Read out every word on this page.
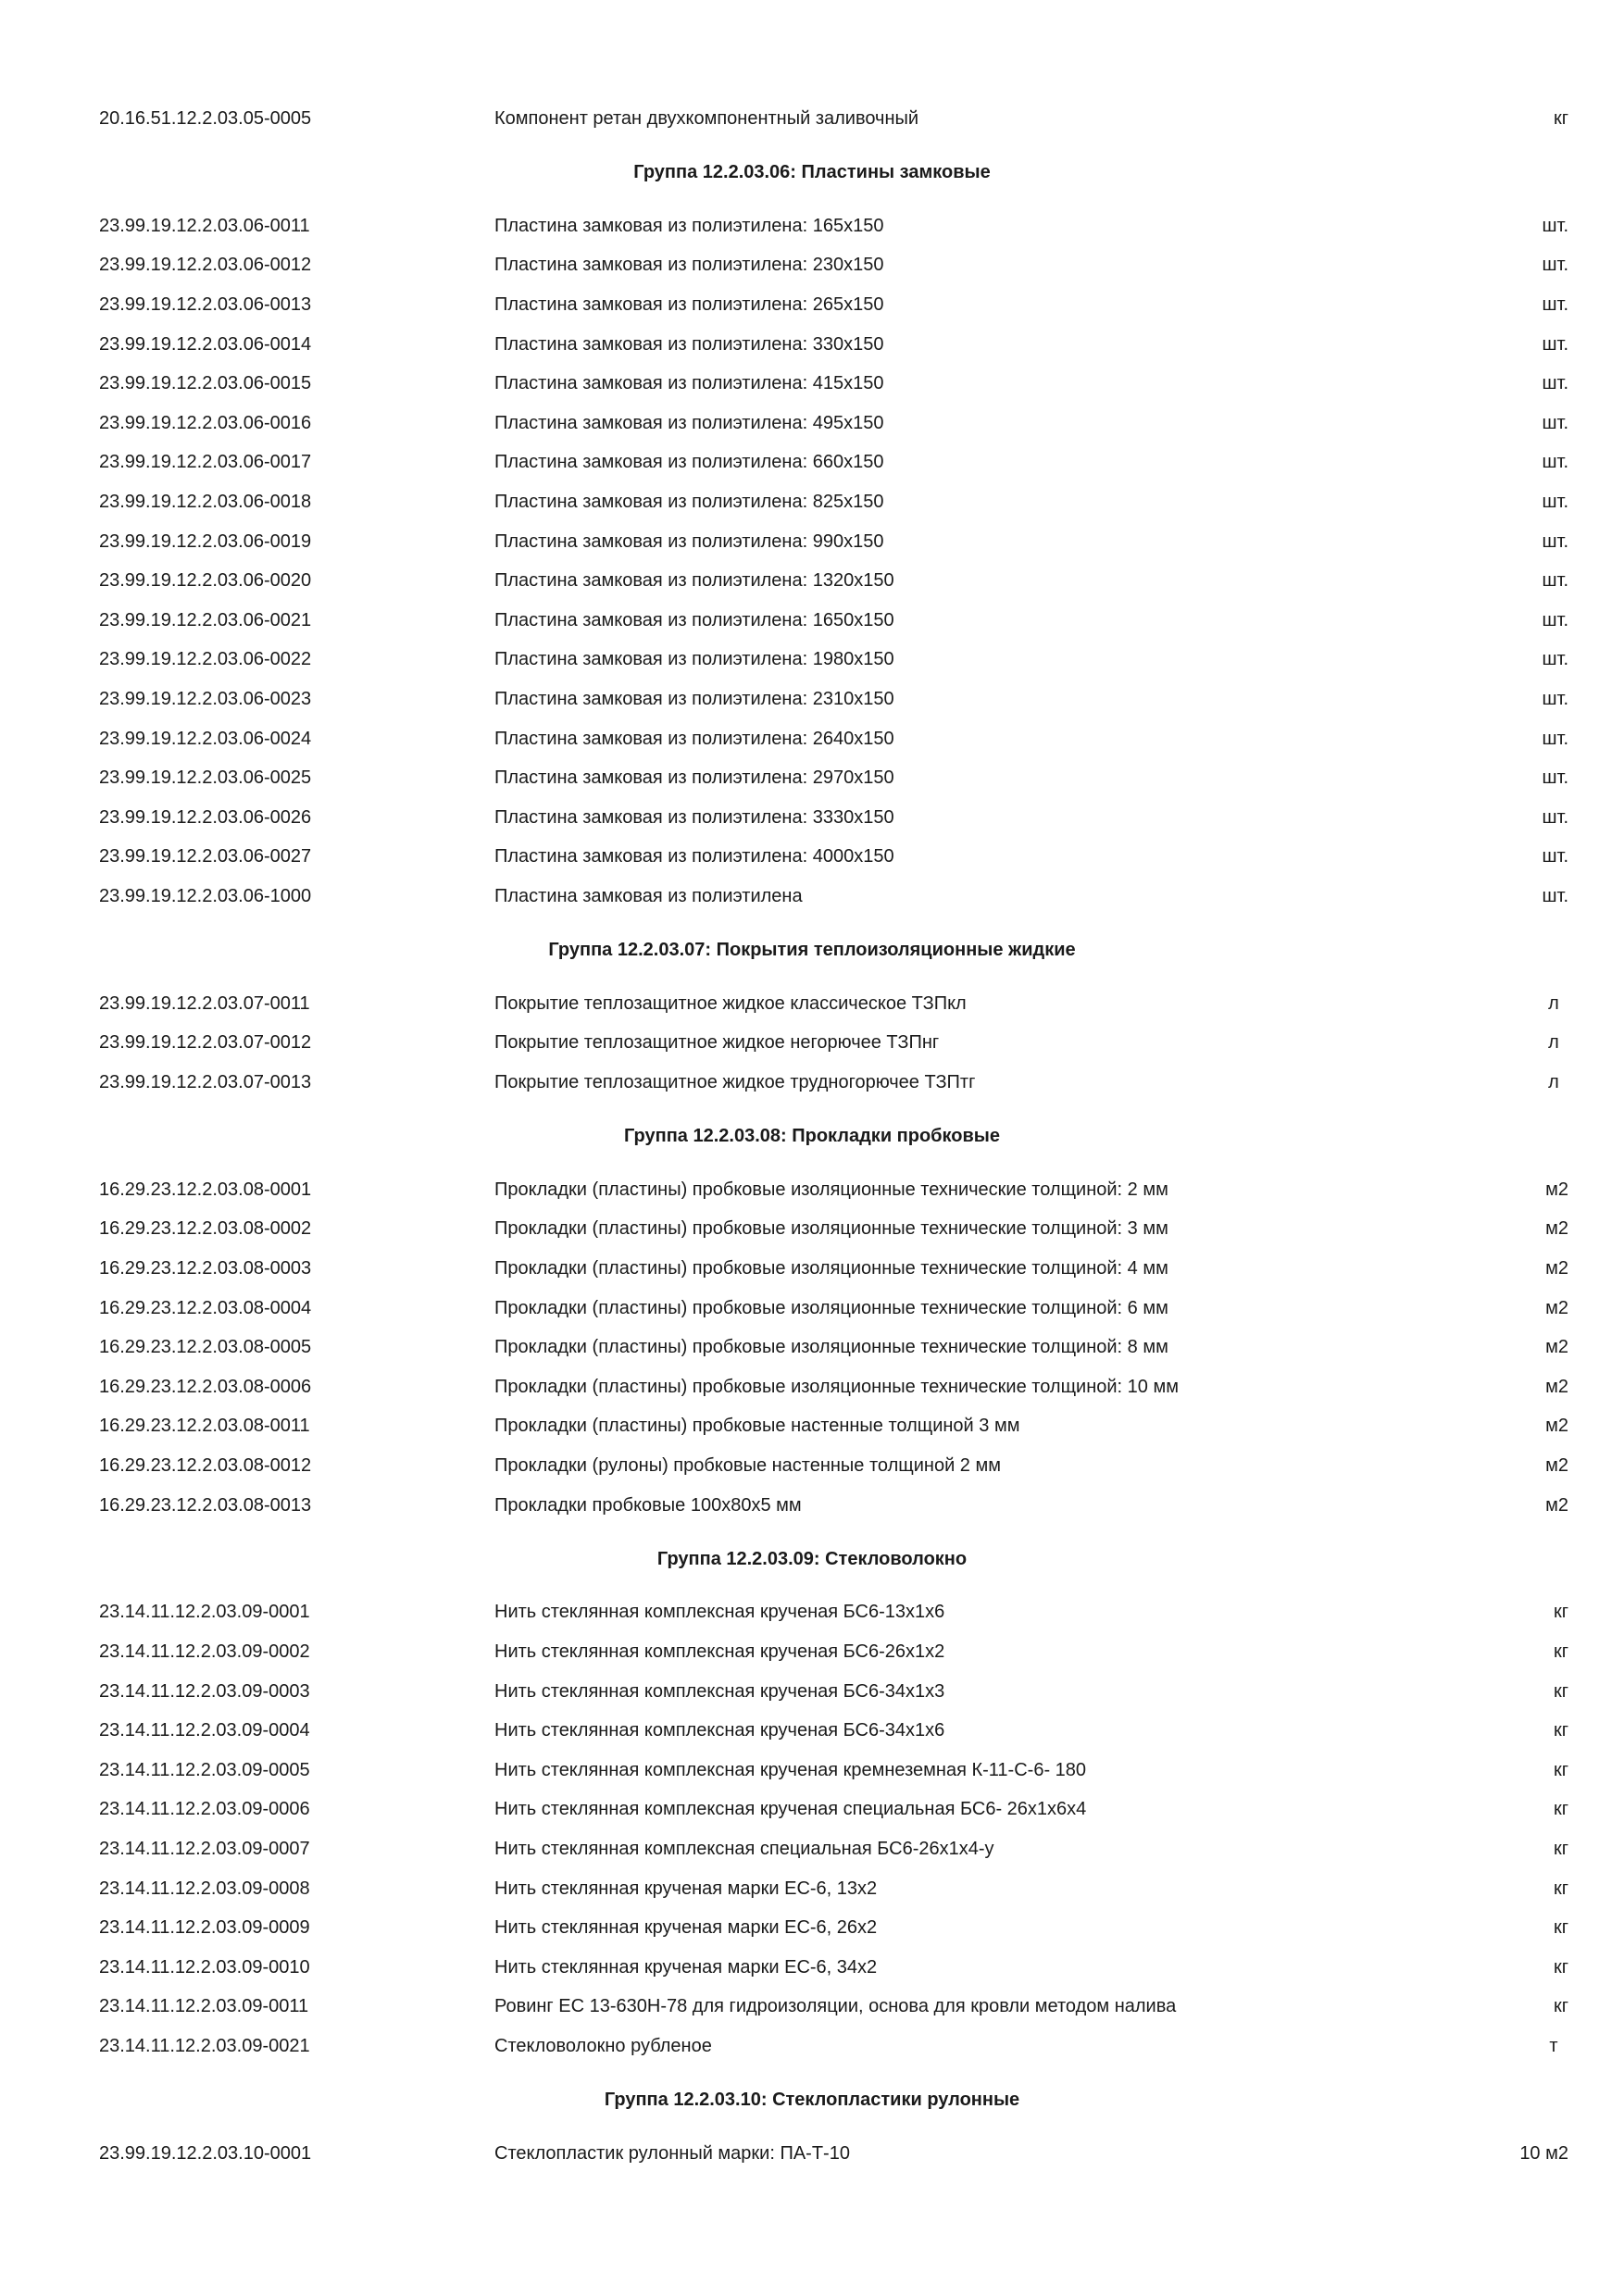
20.16.51.12.2.03.05-0005	Компонент ретан двухкомпонентный заливочный	кг
Группа 12.2.03.06: Пластины замковые
23.99.19.12.2.03.06-0011	Пластина замковая из полиэтилена: 165х150	шт.
23.99.19.12.2.03.06-0012	Пластина замковая из полиэтилена: 230х150	шт.
23.99.19.12.2.03.06-0013	Пластина замковая из полиэтилена: 265х150	шт.
23.99.19.12.2.03.06-0014	Пластина замковая из полиэтилена: 330х150	шт.
23.99.19.12.2.03.06-0015	Пластина замковая из полиэтилена: 415х150	шт.
23.99.19.12.2.03.06-0016	Пластина замковая из полиэтилена: 495х150	шт.
23.99.19.12.2.03.06-0017	Пластина замковая из полиэтилена: 660х150	шт.
23.99.19.12.2.03.06-0018	Пластина замковая из полиэтилена: 825х150	шт.
23.99.19.12.2.03.06-0019	Пластина замковая из полиэтилена: 990х150	шт.
23.99.19.12.2.03.06-0020	Пластина замковая из полиэтилена: 1320х150	шт.
23.99.19.12.2.03.06-0021	Пластина замковая из полиэтилена: 1650х150	шт.
23.99.19.12.2.03.06-0022	Пластина замковая из полиэтилена: 1980х150	шт.
23.99.19.12.2.03.06-0023	Пластина замковая из полиэтилена: 2310х150	шт.
23.99.19.12.2.03.06-0024	Пластина замковая из полиэтилена: 2640х150	шт.
23.99.19.12.2.03.06-0025	Пластина замковая из полиэтилена: 2970х150	шт.
23.99.19.12.2.03.06-0026	Пластина замковая из полиэтилена: 3330х150	шт.
23.99.19.12.2.03.06-0027	Пластина замковая из полиэтилена: 4000х150	шт.
23.99.19.12.2.03.06-1000	Пластина замковая из полиэтилена	шт.
Группа 12.2.03.07: Покрытия теплоизоляционные жидкие
23.99.19.12.2.03.07-0011	Покрытие теплозащитное жидкое классическое ТЗПкл	л
23.99.19.12.2.03.07-0012	Покрытие теплозащитное жидкое негорючее ТЗПнг	л
23.99.19.12.2.03.07-0013	Покрытие теплозащитное жидкое трудногорючее ТЗПтг	л
Группа 12.2.03.08: Прокладки пробковые
16.29.23.12.2.03.08-0001	Прокладки (пластины) пробковые изоляционные технические толщиной: 2 мм	м2
16.29.23.12.2.03.08-0002	Прокладки (пластины) пробковые изоляционные технические толщиной: 3 мм	м2
16.29.23.12.2.03.08-0003	Прокладки (пластины) пробковые изоляционные технические толщиной: 4 мм	м2
16.29.23.12.2.03.08-0004	Прокладки (пластины) пробковые изоляционные технические толщиной: 6 мм	м2
16.29.23.12.2.03.08-0005	Прокладки (пластины) пробковые изоляционные технические толщиной: 8 мм	м2
16.29.23.12.2.03.08-0006	Прокладки (пластины) пробковые изоляционные технические толщиной: 10 мм	м2
16.29.23.12.2.03.08-0011	Прокладки (пластины) пробковые настенные толщиной 3 мм	м2
16.29.23.12.2.03.08-0012	Прокладки (рулоны) пробковые настенные толщиной 2 мм	м2
16.29.23.12.2.03.08-0013	Прокладки пробковые 100х80х5 мм	м2
Группа 12.2.03.09: Стекловолокно
23.14.11.12.2.03.09-0001	Нить стеклянная комплексная крученая БС6-13х1х6	кг
23.14.11.12.2.03.09-0002	Нить стеклянная комплексная крученая БС6-26х1х2	кг
23.14.11.12.2.03.09-0003	Нить стеклянная комплексная крученая БС6-34х1х3	кг
23.14.11.12.2.03.09-0004	Нить стеклянная комплексная крученая БС6-34х1х6	кг
23.14.11.12.2.03.09-0005	Нить стеклянная комплексная крученая кремнеземная К-11-С-6- 180	кг
23.14.11.12.2.03.09-0006	Нить стеклянная комплексная крученая специальная БС6- 26х1х6х4	кг
23.14.11.12.2.03.09-0007	Нить стеклянная комплексная специальная БС6-26х1х4-у	кг
23.14.11.12.2.03.09-0008	Нить стеклянная крученая марки ЕС-6, 13х2	кг
23.14.11.12.2.03.09-0009	Нить стеклянная крученая марки ЕС-6, 26х2	кг
23.14.11.12.2.03.09-0010	Нить стеклянная крученая марки ЕС-6, 34х2	кг
23.14.11.12.2.03.09-0011	Ровинг ЕС 13-630Н-78 для гидроизоляции, основа для кровли методом налива	кг
23.14.11.12.2.03.09-0021	Стекловолокно рубленое	т
Группа 12.2.03.10: Стеклопластики рулонные
23.99.19.12.2.03.10-0001	Стеклопластик рулонный марки: ПА-Т-10	10 м2
